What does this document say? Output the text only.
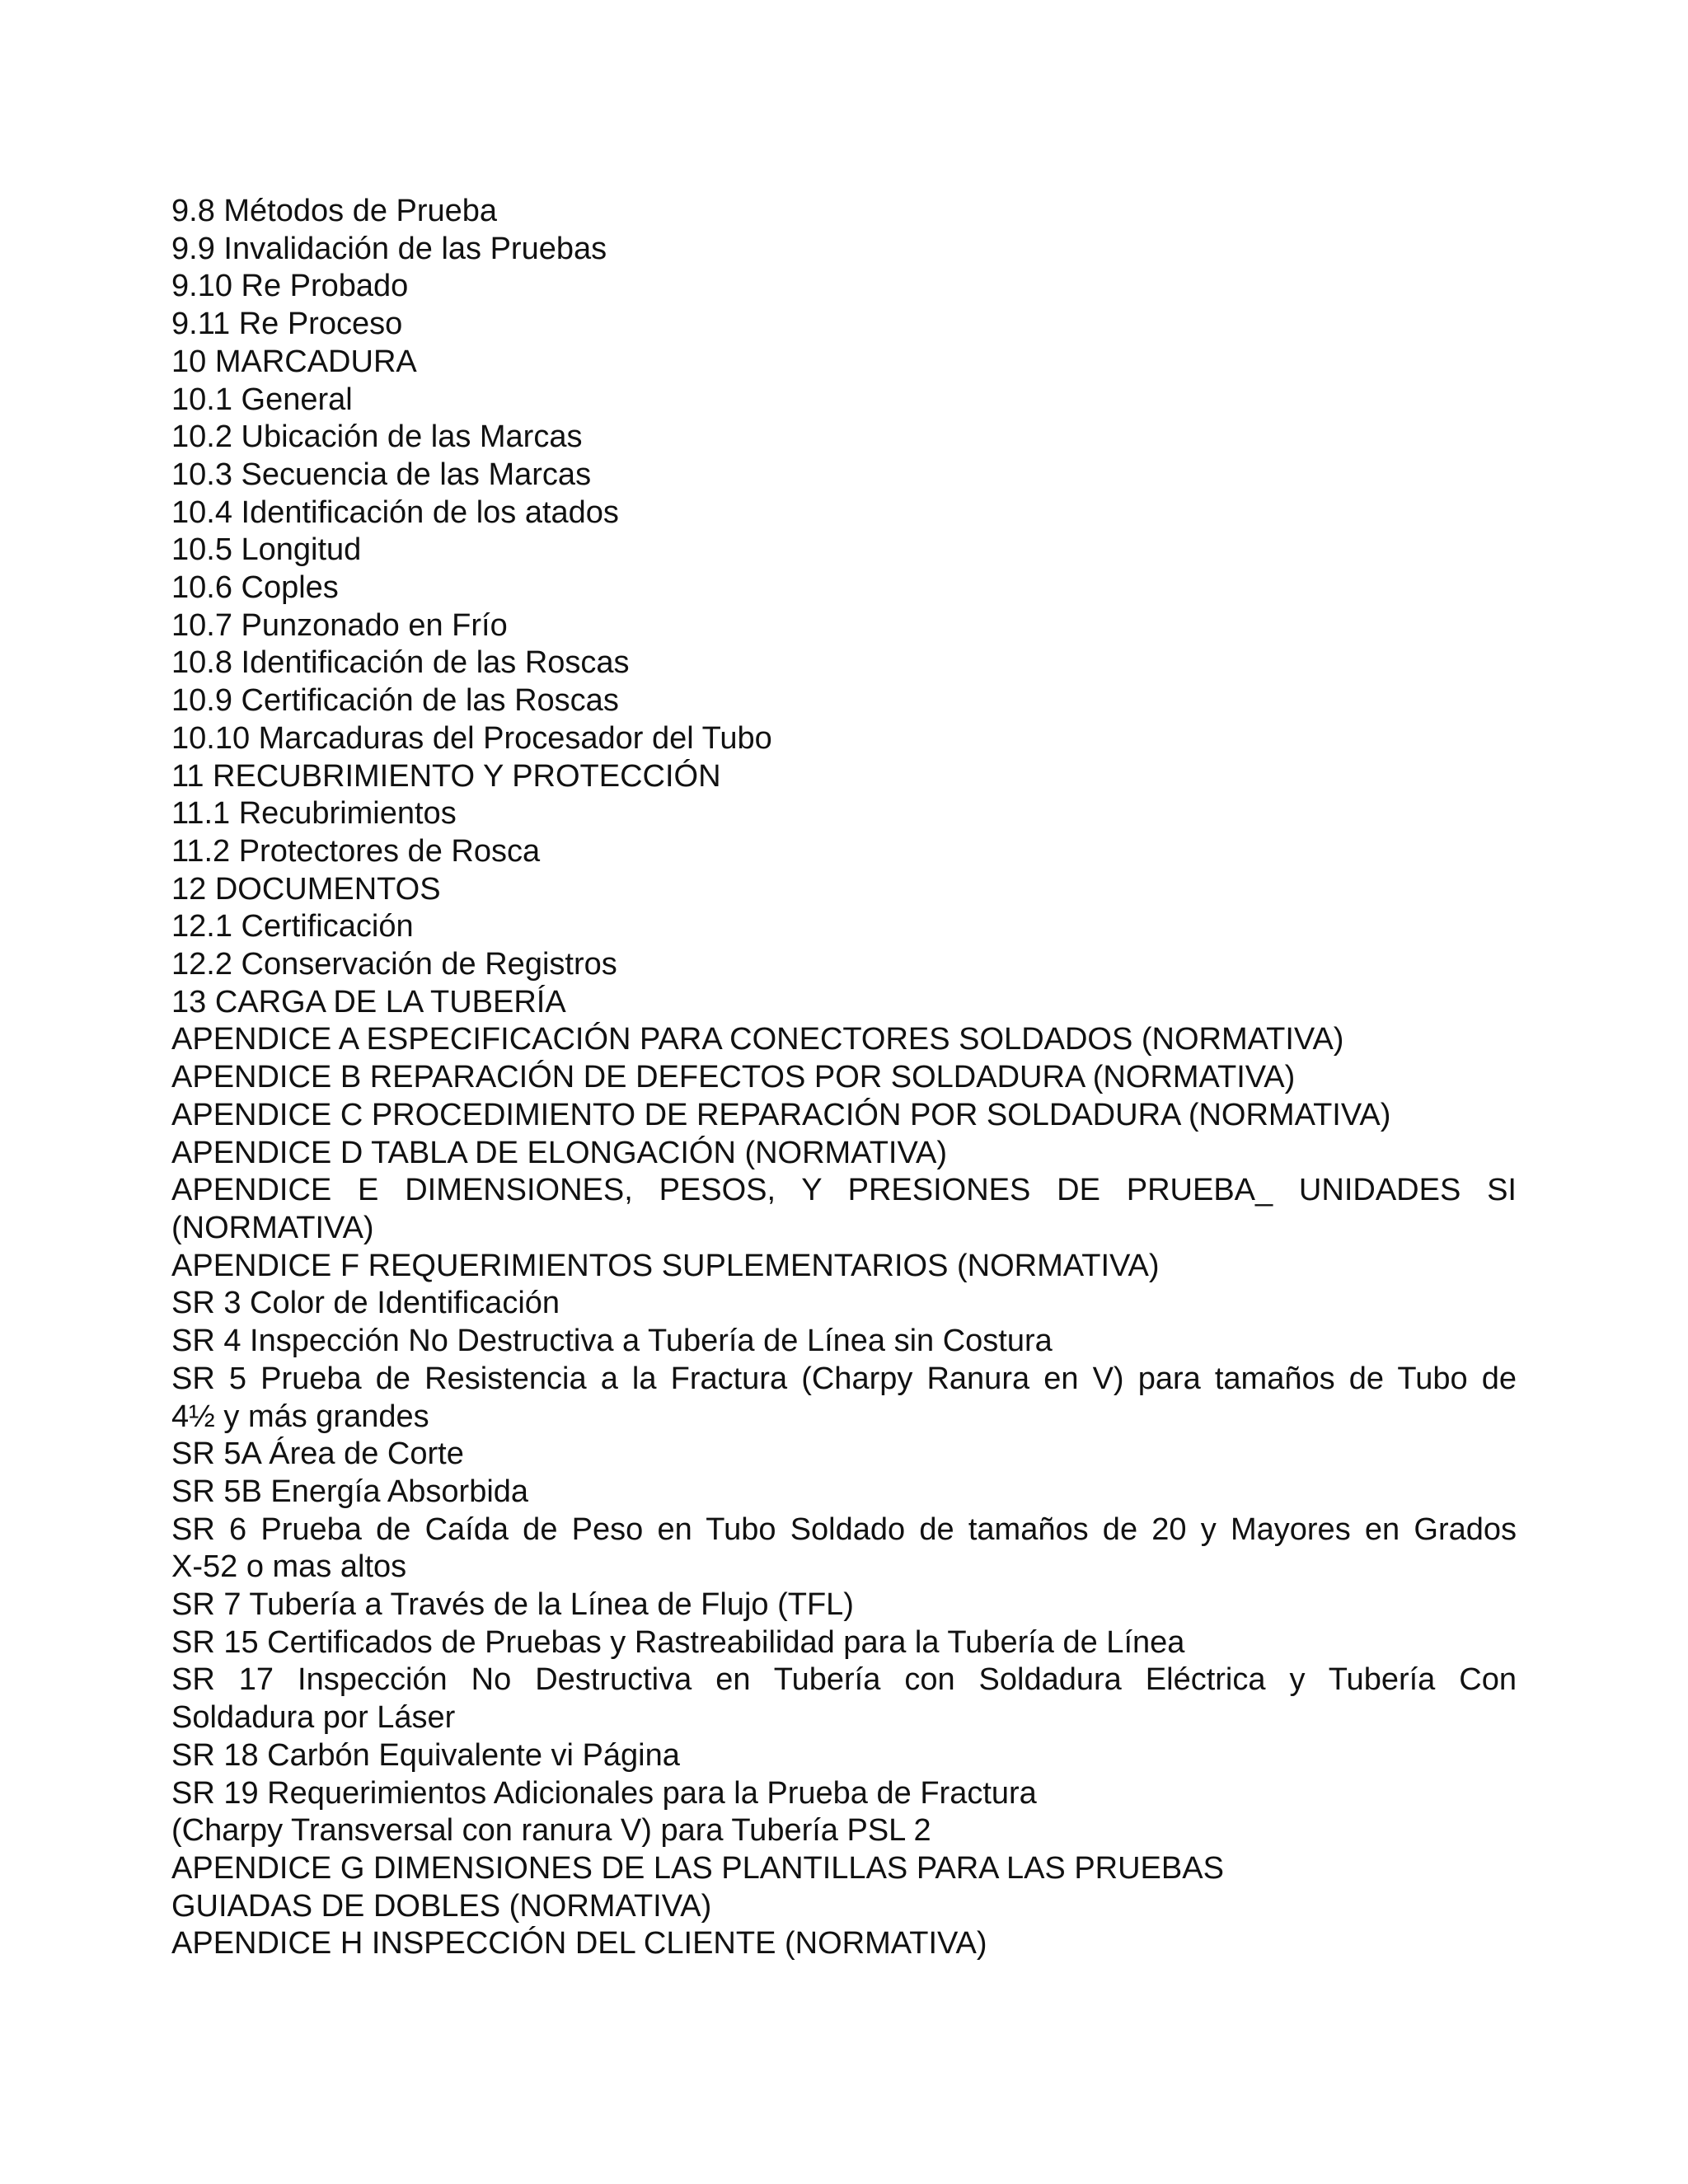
9.8 Métodos de Prueba
9.9 Invalidación de las Pruebas
9.10 Re Probado
9.11 Re Proceso
10 MARCADURA
10.1 General
10.2 Ubicación de las Marcas
10.3 Secuencia de las Marcas
10.4 Identificación de los atados
10.5 Longitud
10.6 Coples
10.7 Punzonado en Frío
10.8 Identificación de las Roscas
10.9 Certificación de las Roscas
10.10 Marcaduras del Procesador del Tubo
11 RECUBRIMIENTO Y PROTECCIÓN
11.1 Recubrimientos
11.2 Protectores de Rosca
12 DOCUMENTOS
12.1 Certificación
12.2 Conservación de Registros
13 CARGA DE LA TUBERÍA
APENDICE A ESPECIFICACIÓN PARA CONECTORES SOLDADOS (NORMATIVA)
APENDICE B REPARACIÓN DE DEFECTOS POR SOLDADURA (NORMATIVA)
APENDICE C PROCEDIMIENTO DE REPARACIÓN POR SOLDADURA (NORMATIVA)
APENDICE D TABLA DE ELONGACIÓN (NORMATIVA)
APENDICE E DIMENSIONES, PESOS, Y PRESIONES DE PRUEBA_ UNIDADES SI
(NORMATIVA)
APENDICE F REQUERIMIENTOS SUPLEMENTARIOS (NORMATIVA)
SR 3 Color de Identificación
SR 4 Inspección No Destructiva a Tubería de Línea sin Costura
SR 5 Prueba de Resistencia a la Fractura (Charpy Ranura en V) para tamaños de Tubo de
4½ y más grandes
SR 5A Área de Corte
SR 5B Energía Absorbida
SR 6 Prueba de Caída de Peso en Tubo Soldado de tamaños de 20 y Mayores en Grados
X-52 o mas altos
SR 7 Tubería a Través de la Línea de Flujo (TFL)
SR 15 Certificados de Pruebas y Rastreabilidad para la Tubería de Línea
SR 17 Inspección No Destructiva en Tubería con Soldadura Eléctrica y Tubería Con
Soldadura por Láser
SR 18 Carbón Equivalente vi Página
SR 19 Requerimientos Adicionales para la Prueba de Fractura
(Charpy Transversal con ranura V) para Tubería PSL 2
APENDICE G DIMENSIONES DE LAS PLANTILLAS PARA LAS PRUEBAS
GUIADAS DE DOBLES (NORMATIVA)
APENDICE H INSPECCIÓN DEL CLIENTE (NORMATIVA)
